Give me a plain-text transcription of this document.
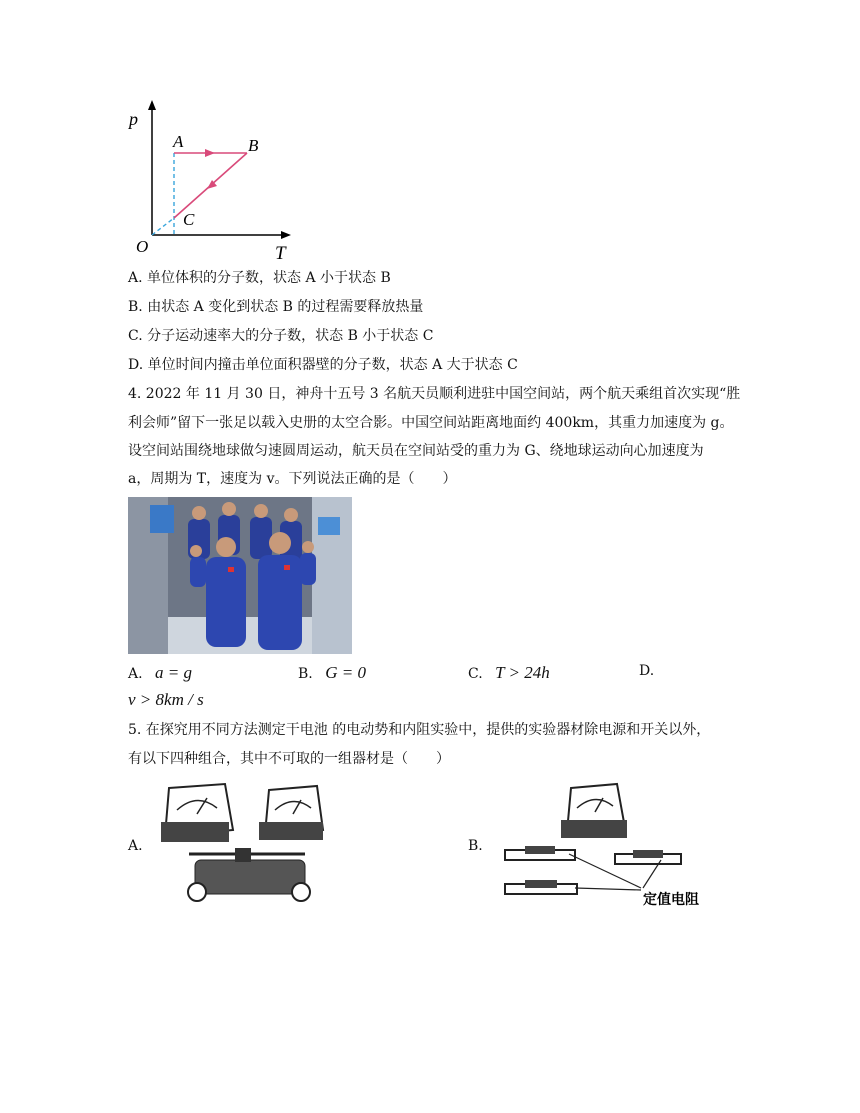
p
A	B
C
O	T
A. 单位体积的分子数，状态 A 小于状态 B
B. 由状态 A 变化到状态 B 的过程需要释放热量
C. 分子运动速率大的分子数，状态 B 小于状态 C
D. 单位时间内撞击单位面积器壁的分子数，状态 A 大于状态 C
4. 2022 年 11 月 30 日，神舟十五号 3 名航天员顺利进驻中国空间站，两个航天乘组首次实现“胜
利会师”留下一张足以载入史册的太空合影。中国空间站距离地面约 400km，其重力加速度为 g。
设空间站围绕地球做匀速圆周运动，航天员在空间站受的重力为 G、绕地球运动向心加速度为
a，周期为 T，速度为 v。下列说法正确的是（　　）
A. a = g	B. G = 0	C. T > 24h	D.
v > 8km / s
5. 在探究用不同方法测定干电池 的电动势和内阻实验中，提供的实验器材除电源和开关以外，
有以下四种组合，其中不可取的一组器材是（　　）
A.	B.
定值电阻
